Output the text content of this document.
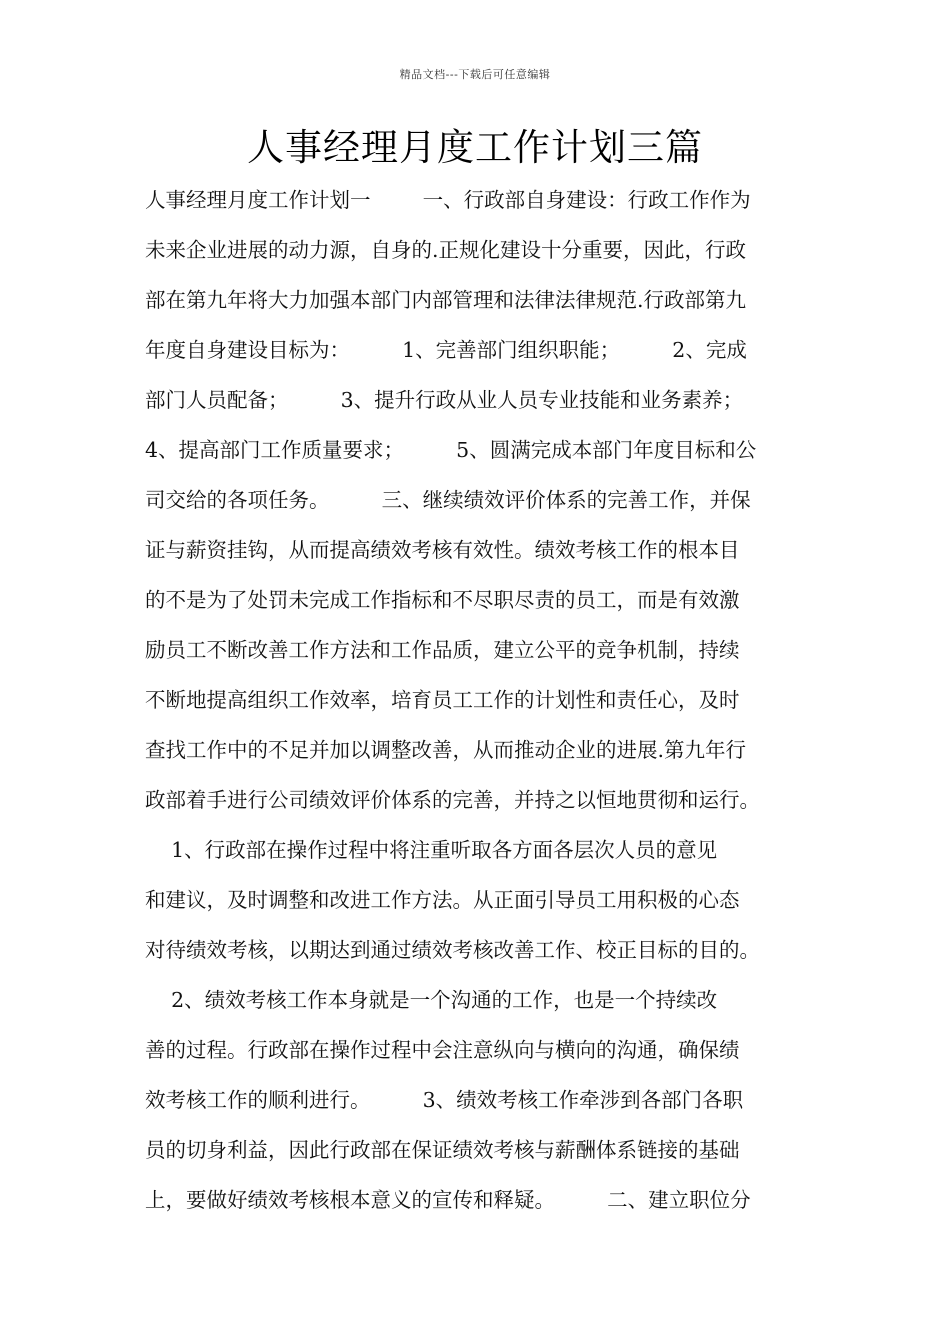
精品文档---下载后可任意编辑
人事经理月度工作计划三篇
人事经理月度工作计划一        一、行政部自身建设：行政工作作为
未来企业进展的动力源，自身的.正规化建设十分重要，因此，行政
部在第九年将大力加强本部门内部管理和法律法律规范.行政部第九
年度自身建设目标为：        1、完善部门组织职能；        2、完成
部门人员配备；        3、提升行政从业人员专业技能和业务素养；
4、提高部门工作质量要求；        5、圆满完成本部门年度目标和公
司交给的各项任务。        三、继续绩效评价体系的完善工作，并保
证与薪资挂钩，从而提高绩效考核有效性。绩效考核工作的根本目
的不是为了处罚未完成工作指标和不尽职尽责的员工，而是有效激
励员工不断改善工作方法和工作品质，建立公平的竞争机制，持续
不断地提高组织工作效率，培育员工工作的计划性和责任心，及时
查找工作中的不足并加以调整改善，从而推动企业的进展.第九年行
政部着手进行公司绩效评价体系的完善，并持之以恒地贯彻和运行。
1、行政部在操作过程中将注重听取各方面各层次人员的意见
和建议，及时调整和改进工作方法。从正面引导员工用积极的心态
对待绩效考核，以期达到通过绩效考核改善工作、校正目标的目的。
2、绩效考核工作本身就是一个沟通的工作，也是一个持续改
善的过程。行政部在操作过程中会注意纵向与横向的沟通，确保绩
效考核工作的顺利进行。        3、绩效考核工作牵涉到各部门各职
员的切身利益，因此行政部在保证绩效考核与薪酬体系链接的基础
上，要做好绩效考核根本意义的宣传和释疑。        二、建立职位分
